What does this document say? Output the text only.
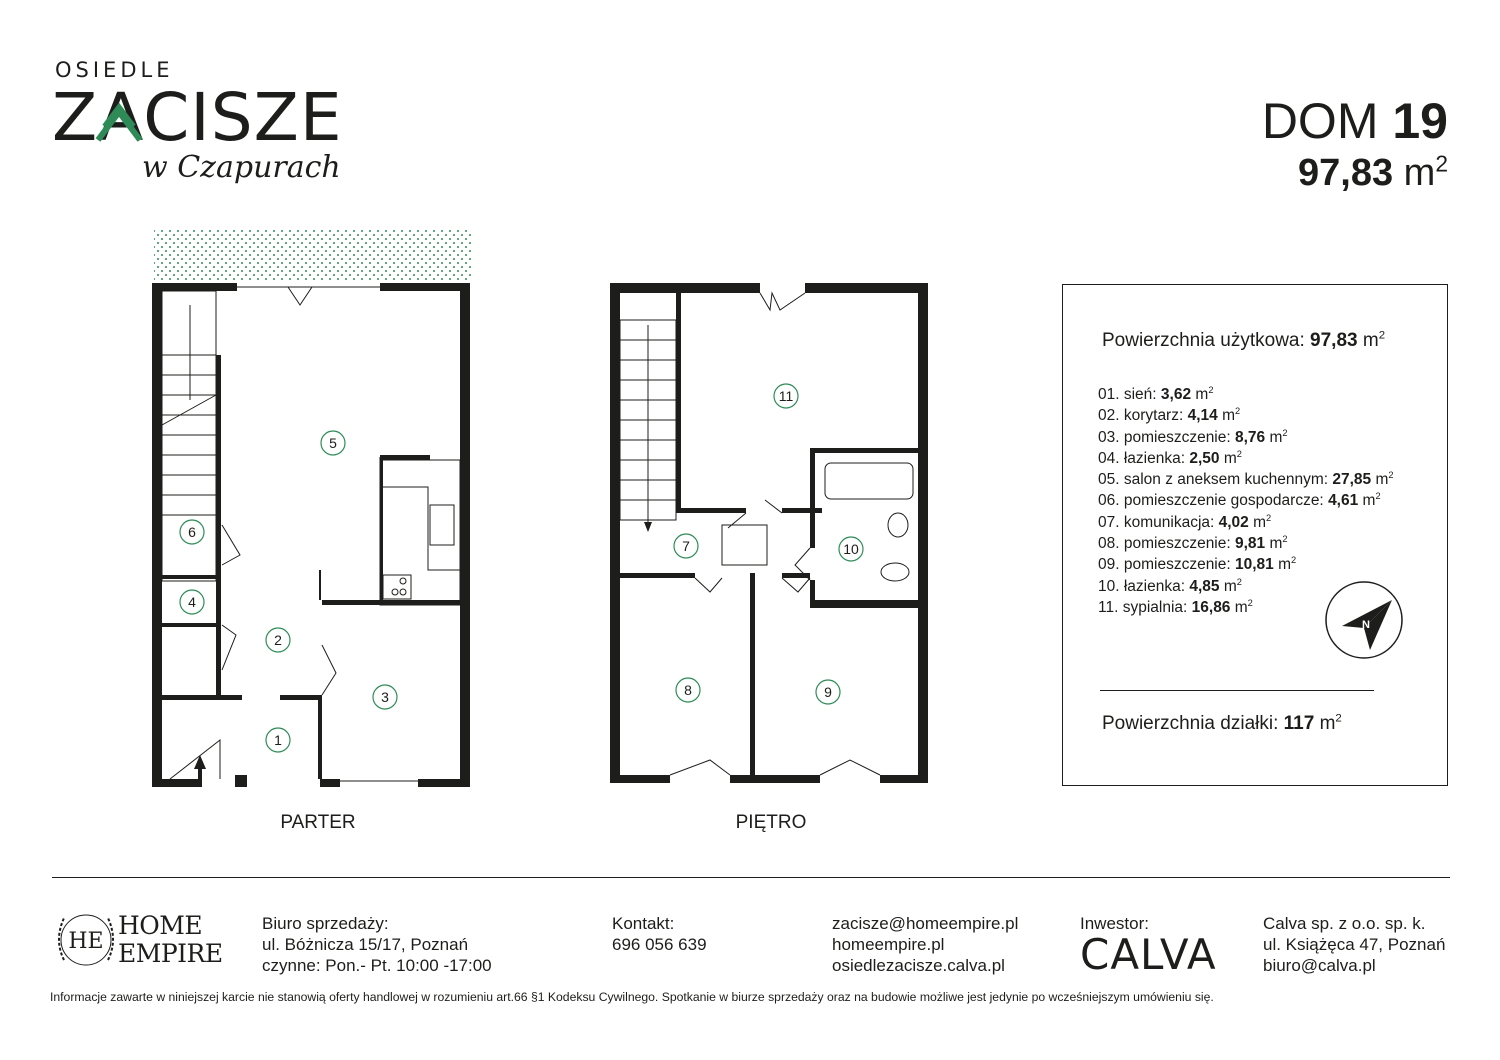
OSIEDLE
ZACISZE
w Czapurach
DOM 19
97,83 $m^2$
1
2
3
4
5
6
PARTER
7
8	9
10
11
PIĘTRO
Powierzchnia użytkowa: 97,83 $m^2$
01. sień: 3,62 $m^2$
02. korytarz: 4,14 $m^2$
03. pomieszczenie: 8,76 $m^2$
04. łazienka: 2,50 $m^2$
05. salon z aneksem kuchennym: 27,85 $m^2$
06. pomieszczenie gospodarcze: 4,61 $m^2$
07. komunikacja: 4,02 $m^2$
08. pomieszczenie: 9,81 $m^2$
09. pomieszczenie: 10,81 $m^2$
10. łazienka: 4,85 $m^2$
11. sypialnia: 16,86 $m^2$
Powierzchnia działki: 117 $m^2$
N
HE
HOME
EMPIRE
Biuro sprzedaży:
ul. Bóżnicza 15/17, Poznań
czynne: Pon.- Pt. 10:00 -17:00
Kontakt:
696 056 639
zacisze@homeempire.pl
homeempire.pl
osiedlezacisze.calva.pl
Inwestor:
CALVA
Calva sp. z o.o. sp. k.
ul. Książęca 47, Poznań
biuro@calva.pl
Informacje zawarte w niniejszej karcie nie stanowią oferty handlowej w rozumieniu art.66 §1 Kodeksu Cywilnego. Spotkanie w biurze sprzedaży oraz na budowie możliwe jest jedynie po wcześniejszym umówieniu się.
